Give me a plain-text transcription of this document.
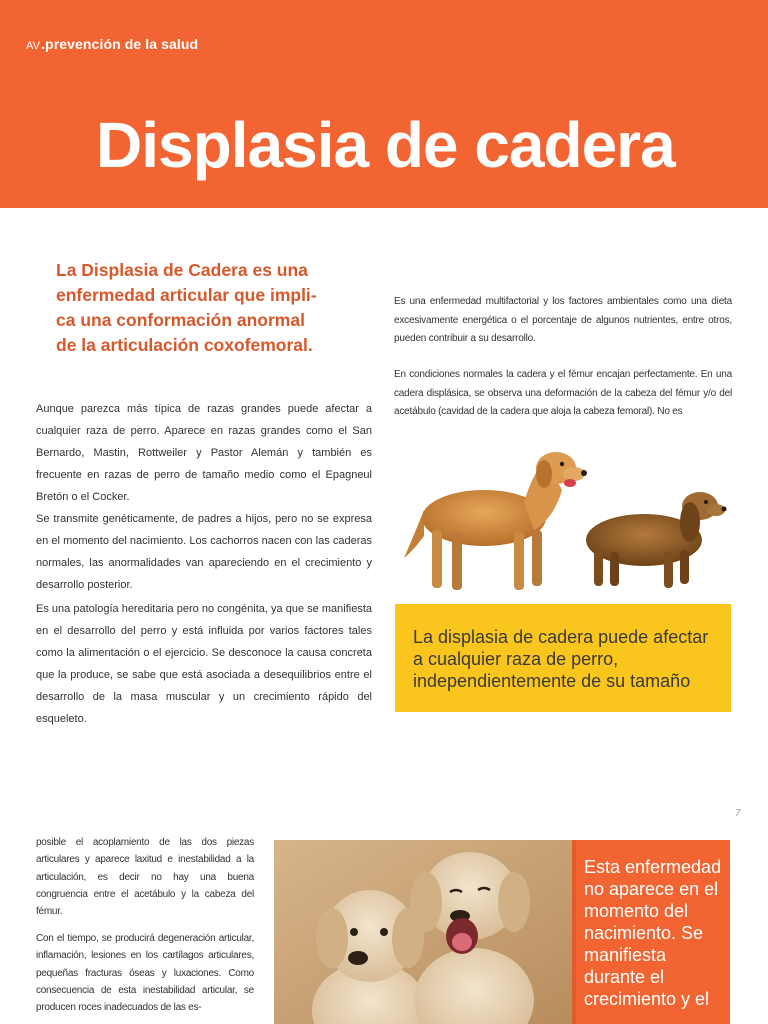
AV.prevención de la salud
Displasia de cadera
La Displasia de Cadera es una
enfermedad articular que impli-
ca una conformación anormal
de la articulación coxofemoral.

Aunque parezca más típica de razas grandes puede afectar a cualquier raza de perro. Aparece en razas grandes como el San Bernardo, Mastin, Rottweiler y Pastor Alemán y también es frecuente en razas de perro de tamaño medio como el Epagneul Bretón o el Cocker.

Se transmite genéticamente, de padres a hijos, pero no se expresa en el momento del nacimiento. Los cachorros nacen con las caderas normales, las anormalidades van apareciendo en el crecimiento y desarrollo posterior.

Es una patología hereditaria pero no congénita, ya que se manifiesta en el desarrollo del perro y está influida por varios factores tales como la alimentación o el ejercicio. Se desconoce la causa concreta que la produce, se sabe que está asociada a desequilibrios entre el desarrollo de la masa muscular y un crecimiento rápido del esqueleto.

Es una enfermedad multifactorial y los factores ambientales como una dieta excesivamente energética o el porcentaje de algunos nutrientes, entre otros, pueden contribuir a su desarrollo.

En condiciones normales la cadera y el fémur encajan perfectamente. En una cadera displásica, se observa una deformación de la cabeza del fémur y/o del acetábulo (cavidad de la cadera que aloja la cabeza femoral). No es

La displasia de cadera puede afectar a cualquier raza de perro, independientemente de su tamaño

7

posible el acoplamiento de las dos piezas articulares y aparece laxitud e inestabilidad a la articulación, es decir no hay una buena congruencia entre el acetábulo y la cabeza del fémur.

Con el tiempo, se producirá degeneración articular, inflamación, lesiones en los cartílagos articulares, pequeñas fracturas óseas y luxaciones. Como consecuencia de esta inestabilidad articular, se producen roces inadecuados de las es-

Esta enfermedad no aparece en el momento del nacimiento. Se manifiesta durante el crecimiento y el
